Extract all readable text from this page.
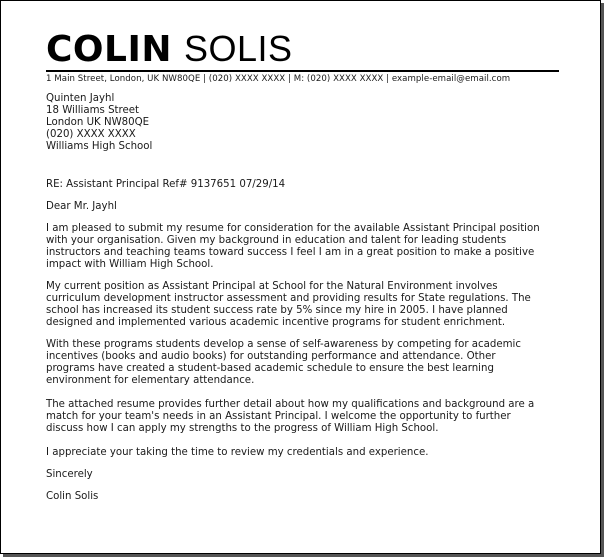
COLIN SOLIS
1 Main Street, London, UK NW80QE | (020) XXXX XXXX | M: (020) XXXX XXXX | example-email@email.com
Quinten Jayhl
18 Williams Street
London UK NW80QE
(020) XXXX XXXX
Williams High School
RE: Assistant Principal Ref# 9137651 07/29/14
Dear Mr. Jayhl
I am pleased to submit my resume for consideration for the available Assistant Principal position
with your organisation. Given my background in education and talent for leading students
instructors and teaching teams toward success I feel I am in a great position to make a positive
impact with William High School.
My current position as Assistant Principal at School for the Natural Environment involves
curriculum development instructor assessment and providing results for State regulations. The
school has increased its student success rate by 5% since my hire in 2005. I have planned
designed and implemented various academic incentive programs for student enrichment.
With these programs students develop a sense of self-awareness by competing for academic
incentives (books and audio books) for outstanding performance and attendance. Other
programs have created a student-based academic schedule to ensure the best learning
environment for elementary attendance.
The attached resume provides further detail about how my qualifications and background are a
match for your team's needs in an Assistant Principal. I welcome the opportunity to further
discuss how I can apply my strengths to the progress of William High School.
I appreciate your taking the time to review my credentials and experience.
Sincerely
Colin Solis
